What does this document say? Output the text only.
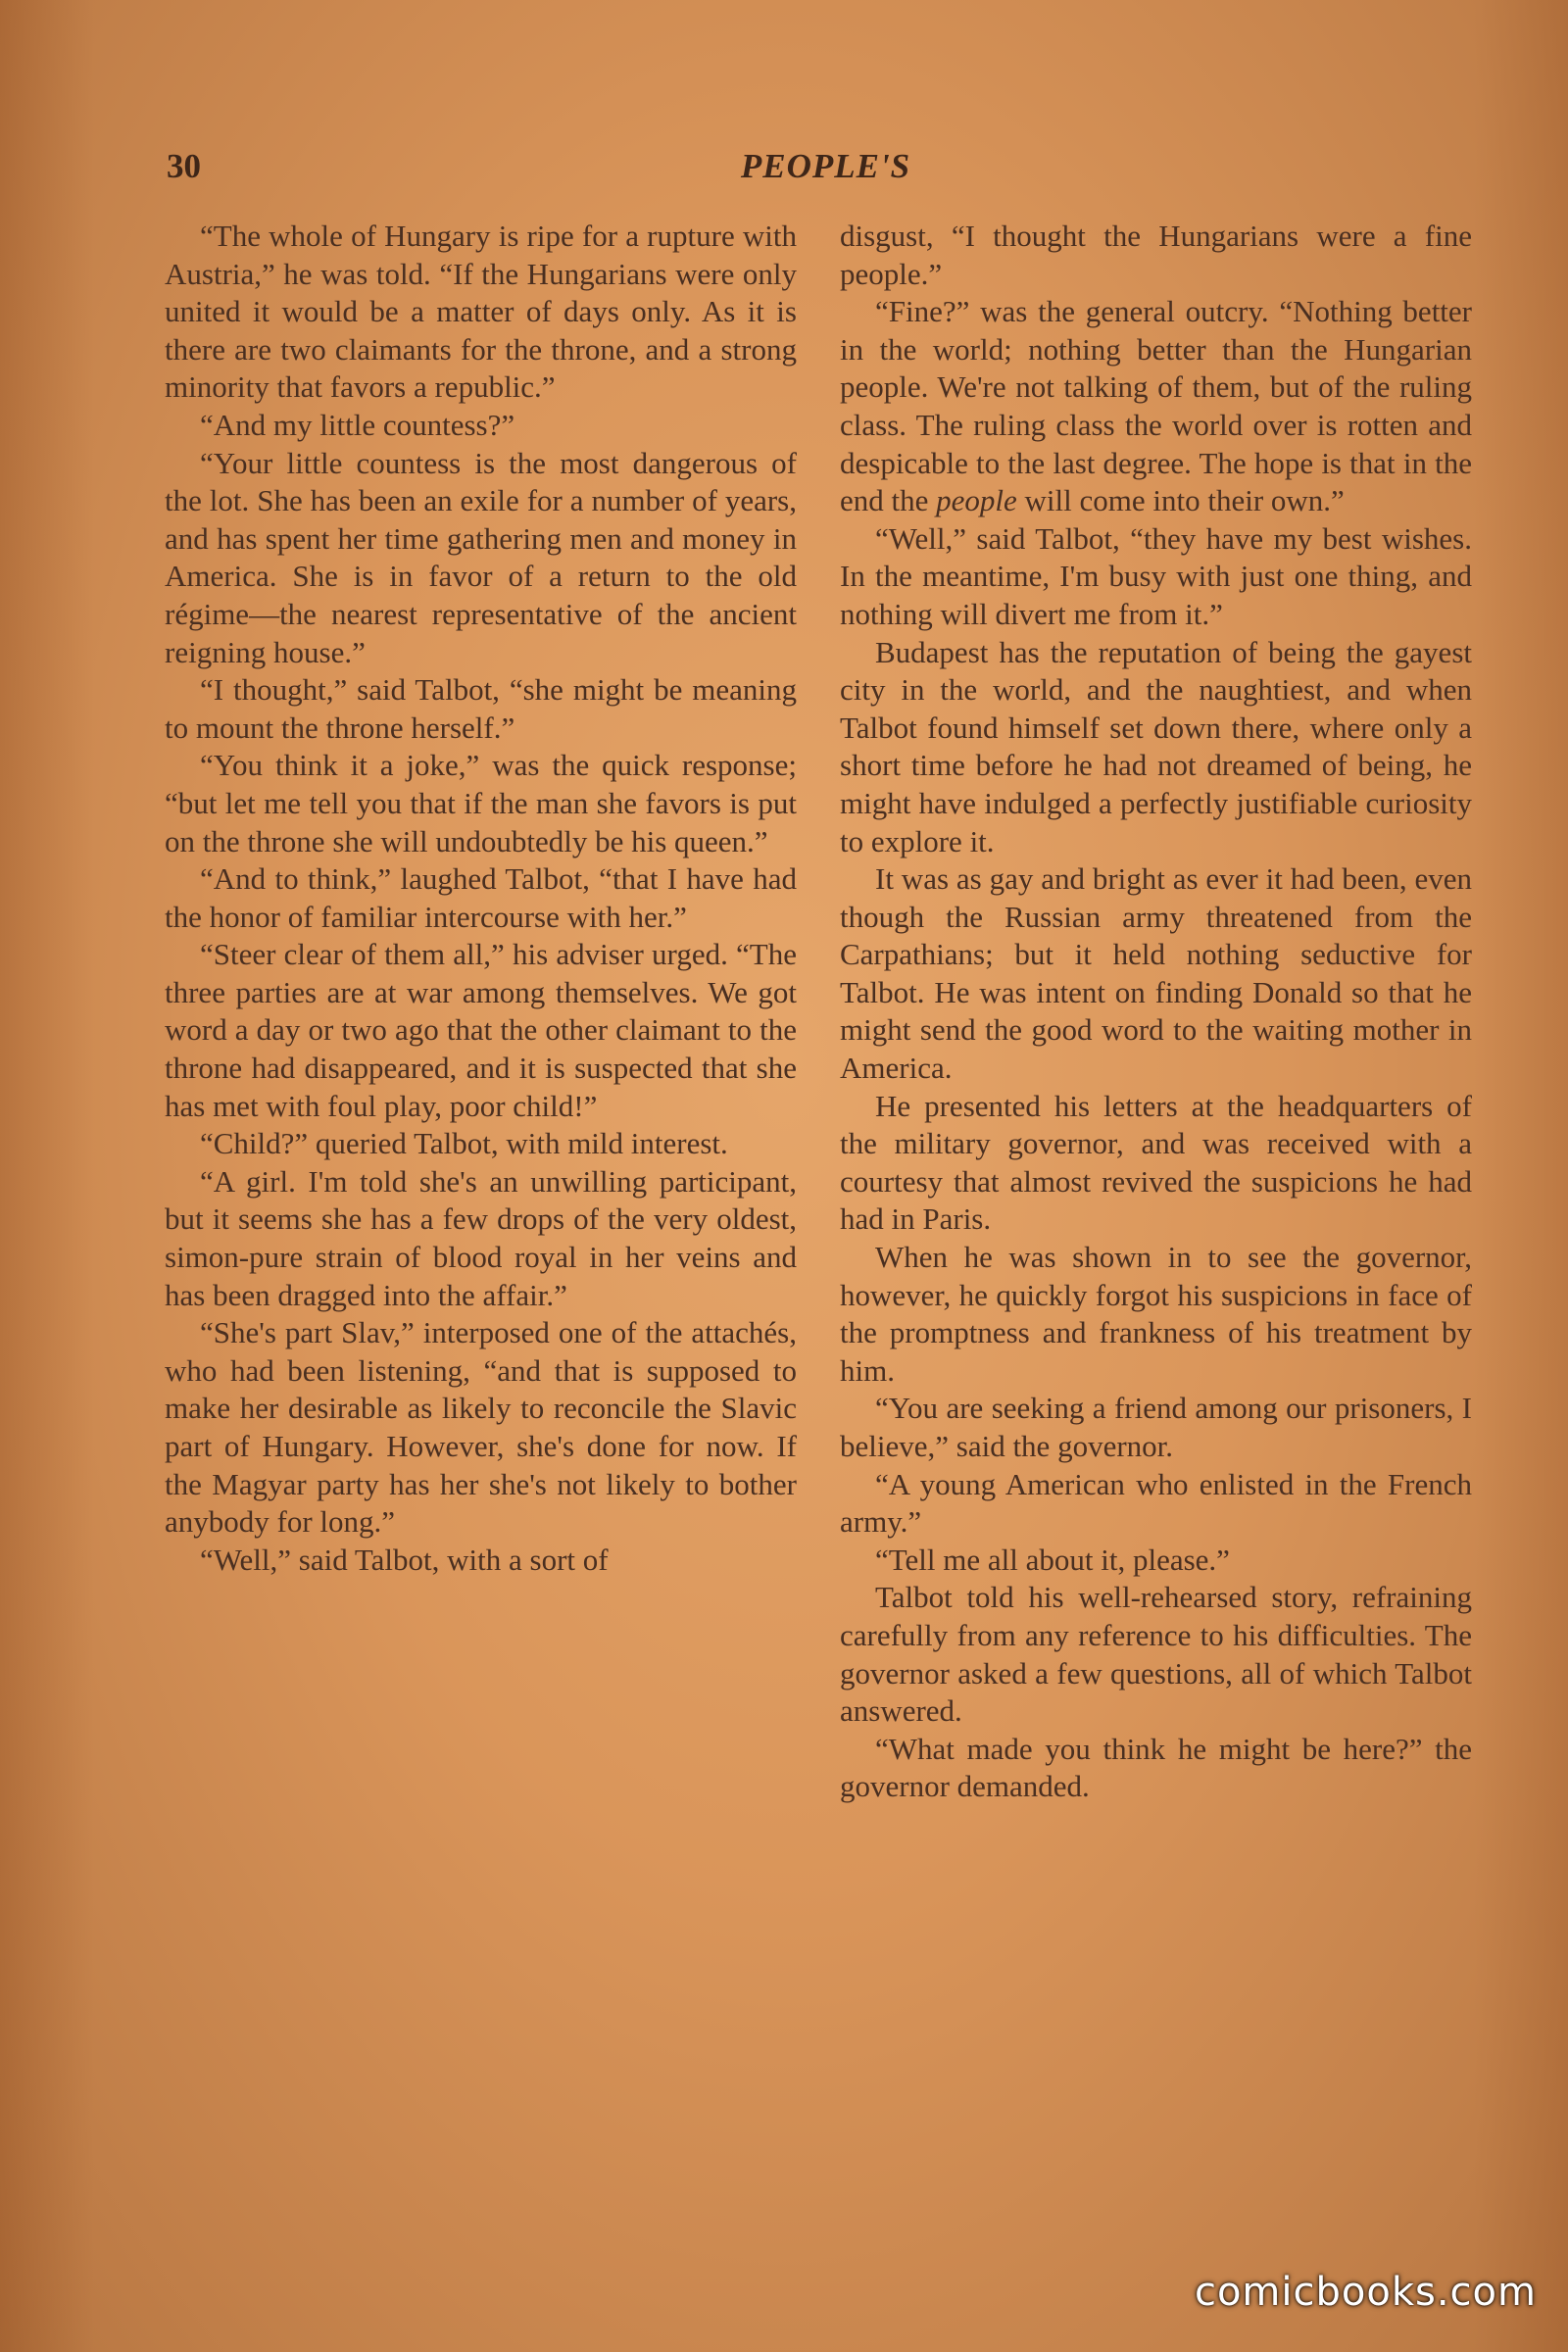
30	PEOPLE'S

“The whole of Hungary is ripe for a rupture with Austria,” he was told. “If the Hungarians were only united it would be a matter of days only. As it is there are two claimants for the throne, and a strong minority that favors a republic.”

“And my little countess?”

“Your little countess is the most dangerous of the lot. She has been an exile for a number of years, and has spent her time gathering men and money in America. She is in favor of a return to the old régime—the nearest representative of the ancient reigning house.”

“I thought,” said Talbot, “she might be meaning to mount the throne herself.”

“You think it a joke,” was the quick response; “but let me tell you that if the man she favors is put on the throne she will undoubtedly be his queen.”

“And to think,” laughed Talbot, “that I have had the honor of familiar intercourse with her.”

“Steer clear of them all,” his adviser urged. “The three parties are at war among themselves. We got word a day or two ago that the other claimant to the throne had disappeared, and it is suspected that she has met with foul play, poor child!”

“Child?” queried Talbot, with mild interest.

“A girl. I'm told she's an unwilling participant, but it seems she has a few drops of the very oldest, simon-pure strain of blood royal in her veins and has been dragged into the affair.”

“She's part Slav,” interposed one of the attachés, who had been listening, “and that is supposed to make her desirable as likely to reconcile the Slavic part of Hungary. However, she's done for now. If the Magyar party has her she's not likely to bother anybody for long.”

“Well,” said Talbot, with a sort of

disgust, “I thought the Hungarians were a fine people.”

“Fine?” was the general outcry. “Nothing better in the world; nothing better than the Hungarian people. We're not talking of them, but of the ruling class. The ruling class the world over is rotten and despicable to the last degree. The hope is that in the end the people will come into their own.”

“Well,” said Talbot, “they have my best wishes. In the meantime, I'm busy with just one thing, and nothing will divert me from it.”

Budapest has the reputation of being the gayest city in the world, and the naughtiest, and when Talbot found himself set down there, where only a short time before he had not dreamed of being, he might have indulged a perfectly justifiable curiosity to explore it.

It was as gay and bright as ever it had been, even though the Russian army threatened from the Carpathians; but it held nothing seductive for Talbot. He was intent on finding Donald so that he might send the good word to the waiting mother in America.

He presented his letters at the headquarters of the military governor, and was received with a courtesy that almost revived the suspicions he had had in Paris.

When he was shown in to see the governor, however, he quickly forgot his suspicions in face of the promptness and frankness of his treatment by him.

“You are seeking a friend among our prisoners, I believe,” said the governor.

“A young American who enlisted in the French army.”

“Tell me all about it, please.”

Talbot told his well-rehearsed story, refraining carefully from any reference to his difficulties. The governor asked a few questions, all of which Talbot answered.

“What made you think he might be here?” the governor demanded.

comicbooks.com
